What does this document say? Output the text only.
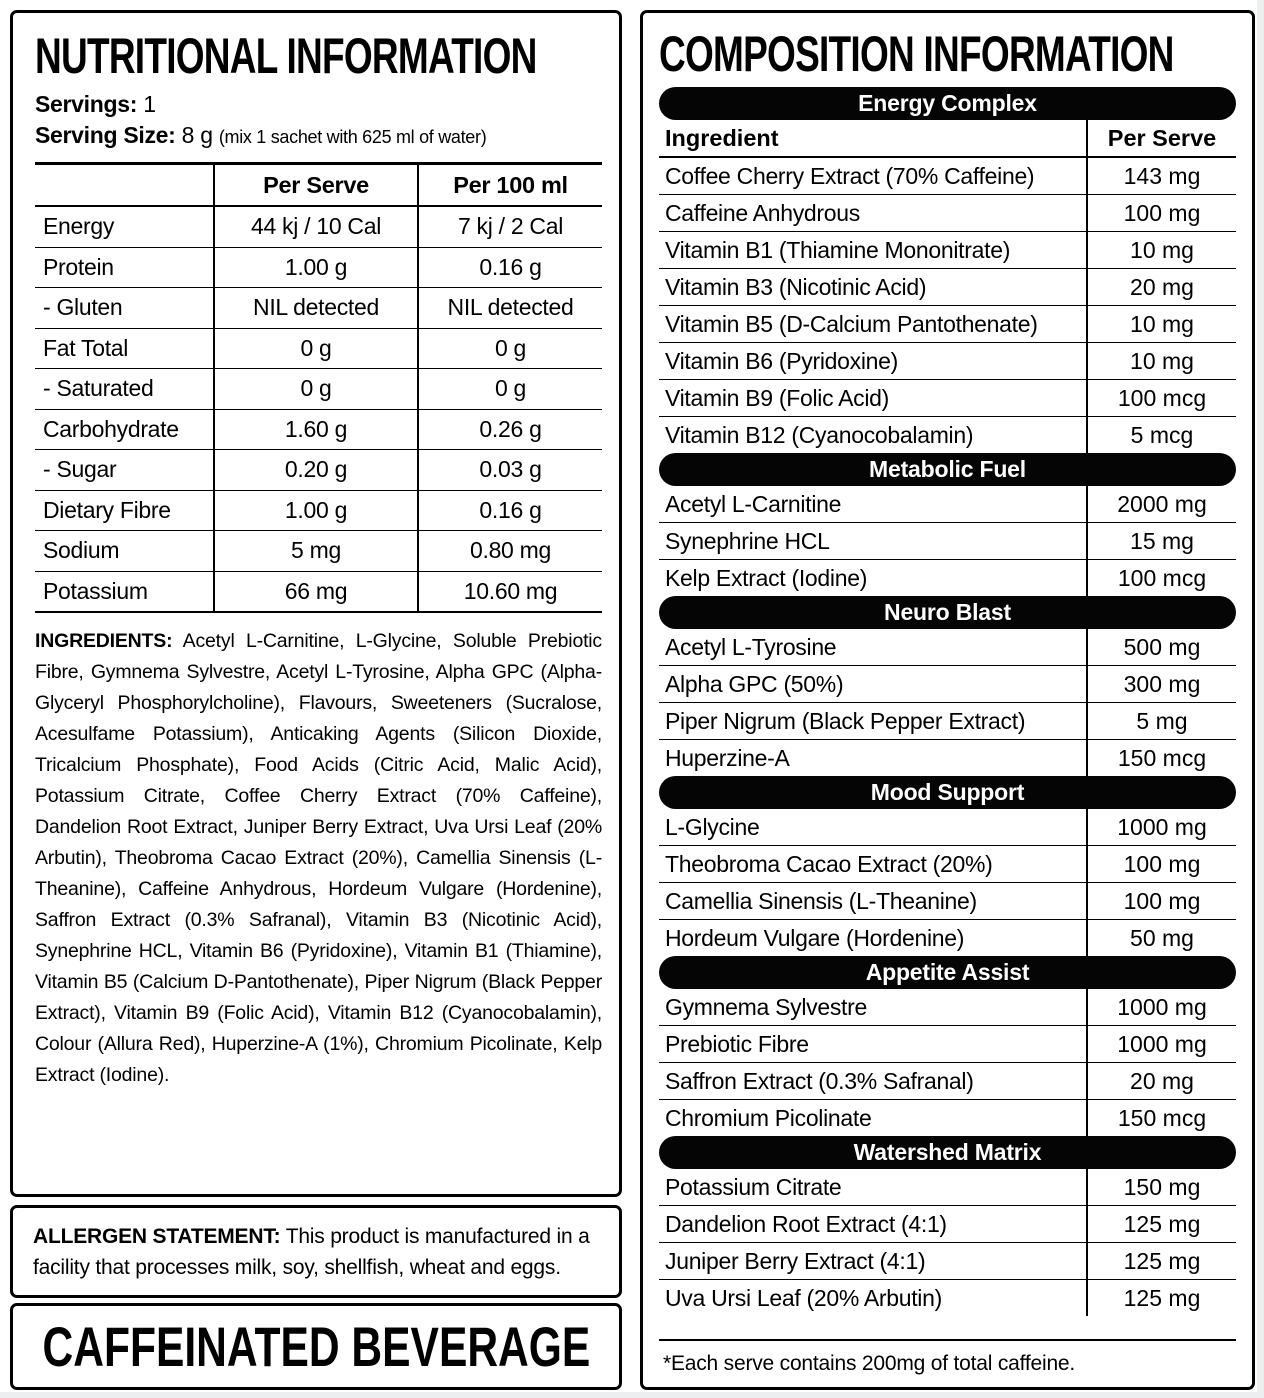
NUTRITIONAL INFORMATION

Servings: 1

Serving Size: 8 g (mix 1 sachet with 625 ml of water)

Per Serve	Per 100 ml
Energy	44 kj / 10 Cal	7 kj / 2 Cal
Protein	1.00 g	0.16 g
- Gluten	NIL detected	NIL detected
Fat Total	0 g	0 g
- Saturated	0 g	0 g
Carbohydrate	1.60 g	0.26 g
- Sugar	0.20 g	0.03 g
Dietary Fibre	1.00 g	0.16 g
Sodium	5 mg	0.80 mg
Potassium	66 mg	10.60 mg

INGREDIENTS: Acetyl L-Carnitine, L-Glycine, Soluble Prebiotic Fibre, Gymnema Sylvestre, Acetyl L-Tyrosine, Alpha GPC (Alpha-Glyceryl Phosphorylcholine), Flavours, Sweeteners (Sucralose, Acesulfame Potassium), Anticaking Agents (Silicon Dioxide, Tricalcium Phosphate), Food Acids (Citric Acid, Malic Acid), Potassium Citrate, Coffee Cherry Extract (70% Caffeine), Dandelion Root Extract, Juniper Berry Extract, Uva Ursi Leaf (20% Arbutin), Theobroma Cacao Extract (20%), Camellia Sinensis (L-Theanine), Caffeine Anhydrous, Hordeum Vulgare (Hordenine), Saffron Extract (0.3% Safranal), Vitamin B3 (Nicotinic Acid), Synephrine HCL, Vitamin B6 (Pyridoxine), Vitamin B1 (Thiamine), Vitamin B5 (Calcium D-Pantothenate), Piper Nigrum (Black Pepper Extract), Vitamin B9 (Folic Acid), Vitamin B12 (Cyanocobalamin), Colour (Allura Red), Huperzine-A (1%), Chromium Picolinate, Kelp Extract (Iodine).

ALLERGEN STATEMENT: This product is manufactured in a facility that processes milk, soy, shellfish, wheat and eggs.

CAFFEINATED BEVERAGE
COMPOSITION INFORMATION
Energy Complex
Ingredient	Per Serve
Coffee Cherry Extract (70% Caffeine)	143 mg
Caffeine Anhydrous	100 mg
Vitamin B1 (Thiamine Mononitrate)	10 mg
Vitamin B3 (Nicotinic Acid)	20 mg
Vitamin B5 (D-Calcium Pantothenate)	10 mg
Vitamin B6 (Pyridoxine)	10 mg
Vitamin B9 (Folic Acid)	100 mcg
Vitamin B12 (Cyanocobalamin)	5 mcg
Metabolic Fuel
Acetyl L-Carnitine	2000 mg
Synephrine HCL	15 mg
Kelp Extract (Iodine)	100 mcg
Neuro Blast
Acetyl L-Tyrosine	500 mg
Alpha GPC (50%)	300 mg
Piper Nigrum (Black Pepper Extract)	5 mg
Huperzine-A	150 mcg
Mood Support
L-Glycine	1000 mg
Theobroma Cacao Extract (20%)	100 mg
Camellia Sinensis (L-Theanine)	100 mg
Hordeum Vulgare (Hordenine)	50 mg
Appetite Assist
Gymnema Sylvestre	1000 mg
Prebiotic Fibre	1000 mg
Saffron Extract (0.3% Safranal)	20 mg
Chromium Picolinate	150 mcg
Watershed Matrix
Potassium Citrate	150 mg
Dandelion Root Extract (4:1)	125 mg
Juniper Berry Extract (4:1)	125 mg
Uva Ursi Leaf (20% Arbutin)	125 mg
*Each serve contains 200mg of total caffeine.
